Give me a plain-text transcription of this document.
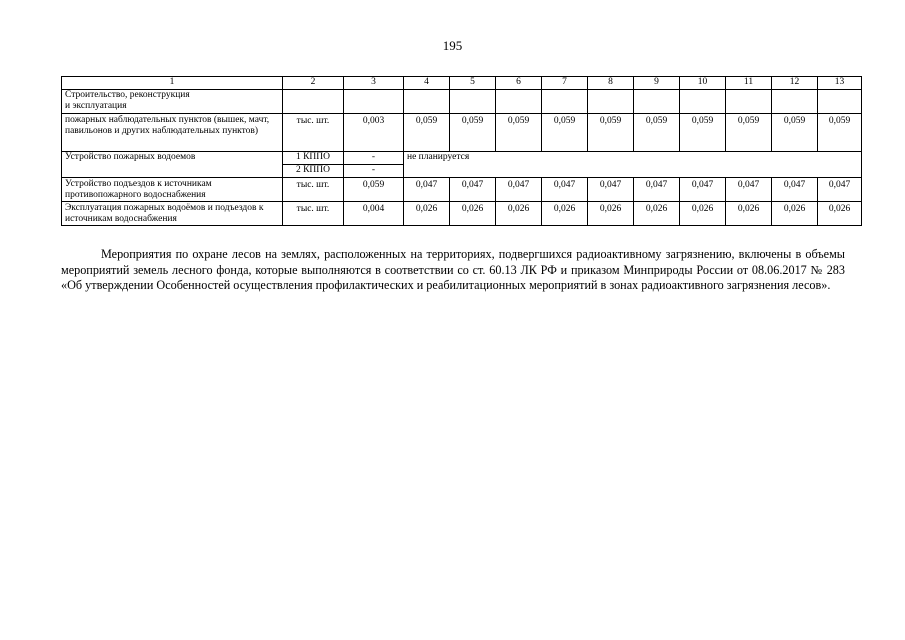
195
1	2	3	4	5	6	7	8	9	10	11	12	13
Строительство, реконструкция и эксплуатация												
пожарных наблюдательных пунктов (вышек, мачт, павильонов и других наблюдательных пунктов)	тыс. шт.	0,003	0,059	0,059	0,059	0,059	0,059	0,059	0,059	0,059	0,059	0,059
Устройство пожарных водоемов	1 КППО	-	не планируется									
	2 КППО	-										
Устройство подъездов к источникам противопожарного водоснабжения	тыс. шт.	0,059	0,047	0,047	0,047	0,047	0,047	0,047	0,047	0,047	0,047	0,047
Эксплуатация пожарных водоёмов и подъездов к источникам водоснабжения	тыс. шт.	0,004	0,026	0,026	0,026	0,026	0,026	0,026	0,026	0,026	0,026	0,026

Мероприятия по охране лесов на землях, расположенных на территориях, подвергшихся радиоактивному загрязнению, включены в объемы мероприятий земель лесного фонда, которые выполняются в соответствии со ст. 60.13 ЛК РФ и приказом Минприроды России от 08.06.2017 № 283 «Об утверждении Особенностей осуществления профилактических и реабилитационных мероприятий в зонах радиоактивного загрязнения лесов».
